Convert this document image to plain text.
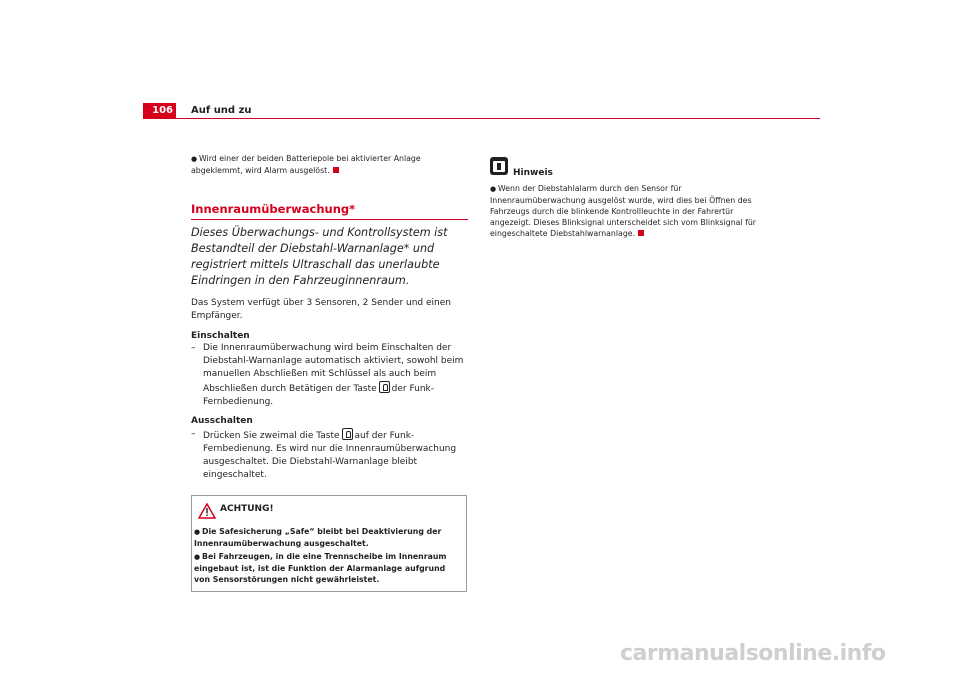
106	Auf und zu
● Wird einer der beiden Batteriepole bei aktivierter Anlage abgeklemmt, wird Alarm ausgelöst.
Innenraumüberwachung*
Dieses Überwachungs- und Kontrollsystem ist Bestandteil der Diebstahl-Warnanlage* und registriert mittels Ultraschall das unerlaubte Eindringen in den Fahrzeuginnenraum.
Das System verfügt über 3 Sensoren, 2 Sender und einen Empfänger.
Einschalten
– Die Innenraumüberwachung wird beim Einschalten der Diebstahl-Warnanlage automatisch aktiviert, sowohl beim manuellen Abschließen mit Schlüssel als auch beim Abschließen durch Betätigen der Taste der Funk-Fernbedienung.
Ausschalten
– Drücken Sie zweimal die Taste auf der Funk-Fernbedienung. Es wird nur die Innenraumüberwachung ausgeschaltet. Die Diebstahl-Warnanlage bleibt eingeschaltet.
ACHTUNG!
● Die Safesicherung „Safe“ bleibt bei Deaktivierung der Innenraumüberwachung ausgeschaltet.
● Bei Fahrzeugen, in die eine Trennscheibe im Innenraum eingebaut ist, ist die Funktion der Alarmanlage aufgrund von Sensorstörungen nicht gewährleistet.
Hinweis
● Wenn der Diebstahlalarm durch den Sensor für Innenraumüberwachung ausgelöst wurde, wird dies bei Öffnen des Fahrzeugs durch die blinkende Kontrollleuchte in der Fahrertür angezeigt. Dieses Blinksignal unterscheidet sich vom Blinksignal für eingeschaltete Diebstahlwarnanlage.
carmanualsonline.info
